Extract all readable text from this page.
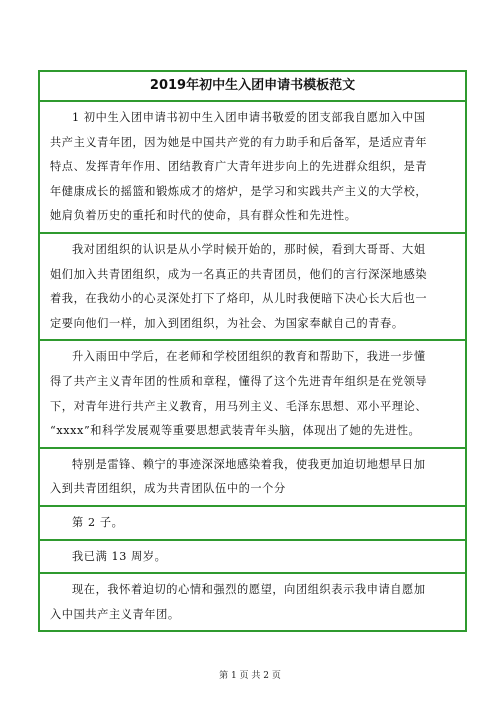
2019年初中生入团申请书模板范文
1 初中生入团申请书初中生入团申请书敬爱的团支部我自愿加入中国
共产主义青年团，因为她是中国共产党的有力助手和后备军，是适应青年
特点、发挥青年作用、团结教育广大青年进步向上的先进群众组织，是青
年健康成长的摇篮和锻炼成才的熔炉，是学习和实践共产主义的大学校，
她肩负着历史的重托和时代的使命，具有群众性和先进性。
我对团组织的认识是从小学时候开始的，那时候，看到大哥哥、大姐
姐们加入共青团组织，成为一名真正的共青团员，他们的言行深深地感染
着我，在我幼小的心灵深处打下了烙印，从儿时我便暗下决心长大后也一
定要向他们一样，加入到团组织，为社会、为国家奉献自己的青春。
升入雨田中学后，在老师和学校团组织的教育和帮助下，我进一步懂
得了共产主义青年团的性质和章程，懂得了这个先进青年组织是在党领导
下，对青年进行共产主义教育，用马列主义、毛泽东思想、邓小平理论、
“xxxx”和科学发展观等重要思想武装青年头脑，体现出了她的先进性。
特别是雷锋、赖宁的事迹深深地感染着我，使我更加迫切地想早日加
入到共青团组织，成为共青团队伍中的一个分
第 2 子。
我已满 13 周岁。
现在，我怀着迫切的心情和强烈的愿望，向团组织表示我申请自愿加
入中国共产主义青年团。
第 1 页 共 2 页
